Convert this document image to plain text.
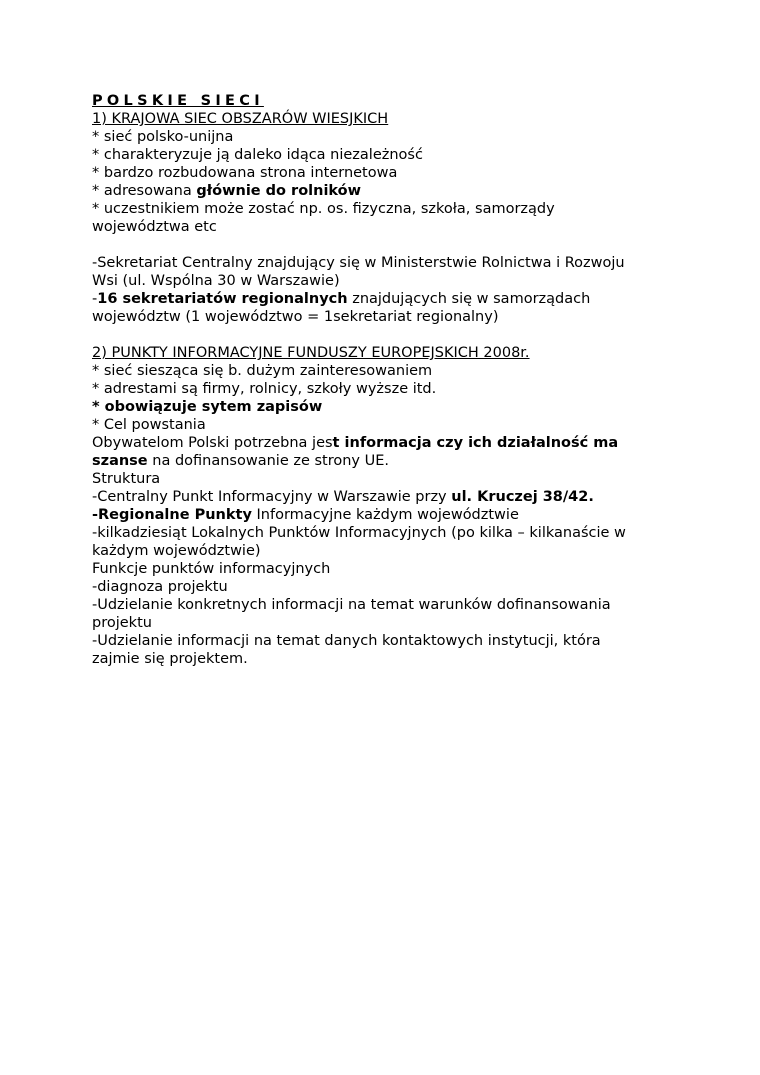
POLSKIE SIECI
1) KRAJOWA SIEC OBSZARÓW WIESJKICH
* sieć polsko-unijna
* charakteryzuje ją daleko idąca niezależność
* bardzo rozbudowana strona internetowa
* adresowana głównie do rolników
* uczestnikiem może zostać np. os. fizyczna, szkoła, samorządy
województwa etc
-Sekretariat Centralny znajdujący się w Ministerstwie Rolnictwa i Rozwoju
Wsi (ul. Wspólna 30 w Warszawie)
-16 sekretariatów regionalnych znajdujących się w samorządach
województw (1 województwo = 1sekretariat regionalny)
2) PUNKTY INFORMACYJNE FUNDUSZY EUROPEJSKICH 2008r.
* sieć siesząca się b. dużym zainteresowaniem
* adrestami są firmy, rolnicy, szkoły wyższe itd.
* obowiązuje sytem zapisów
* Cel powstania
Obywatelom Polski potrzebna jest informacja czy ich działalność ma
szanse na dofinansowanie ze strony UE.
Struktura
-Centralny Punkt Informacyjny w Warszawie przy ul. Kruczej 38/42.
-Regionalne Punkty Informacyjne każdym województwie
-kilkadziesiąt Lokalnych Punktów Informacyjnych (po kilka – kilkanaście w
każdym województwie)
Funkcje punktów informacyjnych
-diagnoza projektu
-Udzielanie konkretnych informacji na temat warunków dofinansowania
projektu
-Udzielanie informacji na temat danych kontaktowych instytucji, która
zajmie się projektem.
